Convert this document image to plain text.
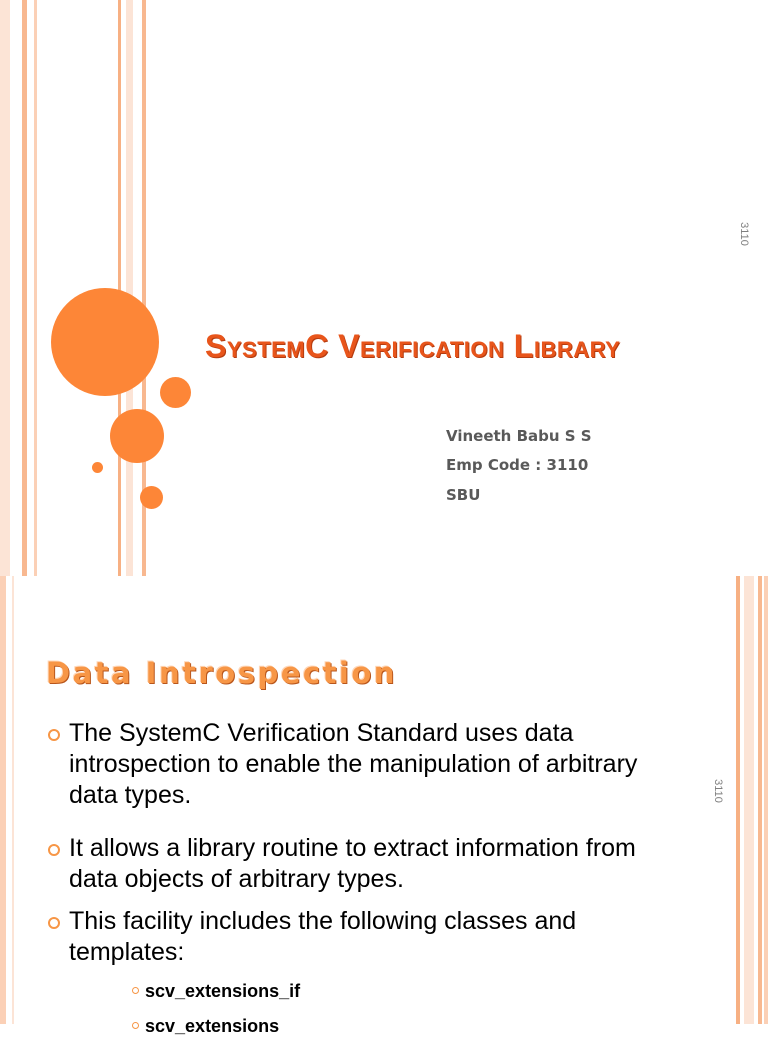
SystemC Verification Library
Vineeth Babu S S
Emp Code : 3110
SBU
3110
Data Introspection
The SystemC Verification Standard uses data introspection to enable the manipulation of arbitrary data types.
It allows a library routine to extract information from data objects of arbitrary types.
This facility includes the following classes and templates:
scv_extensions_if
scv_extensions
3110
